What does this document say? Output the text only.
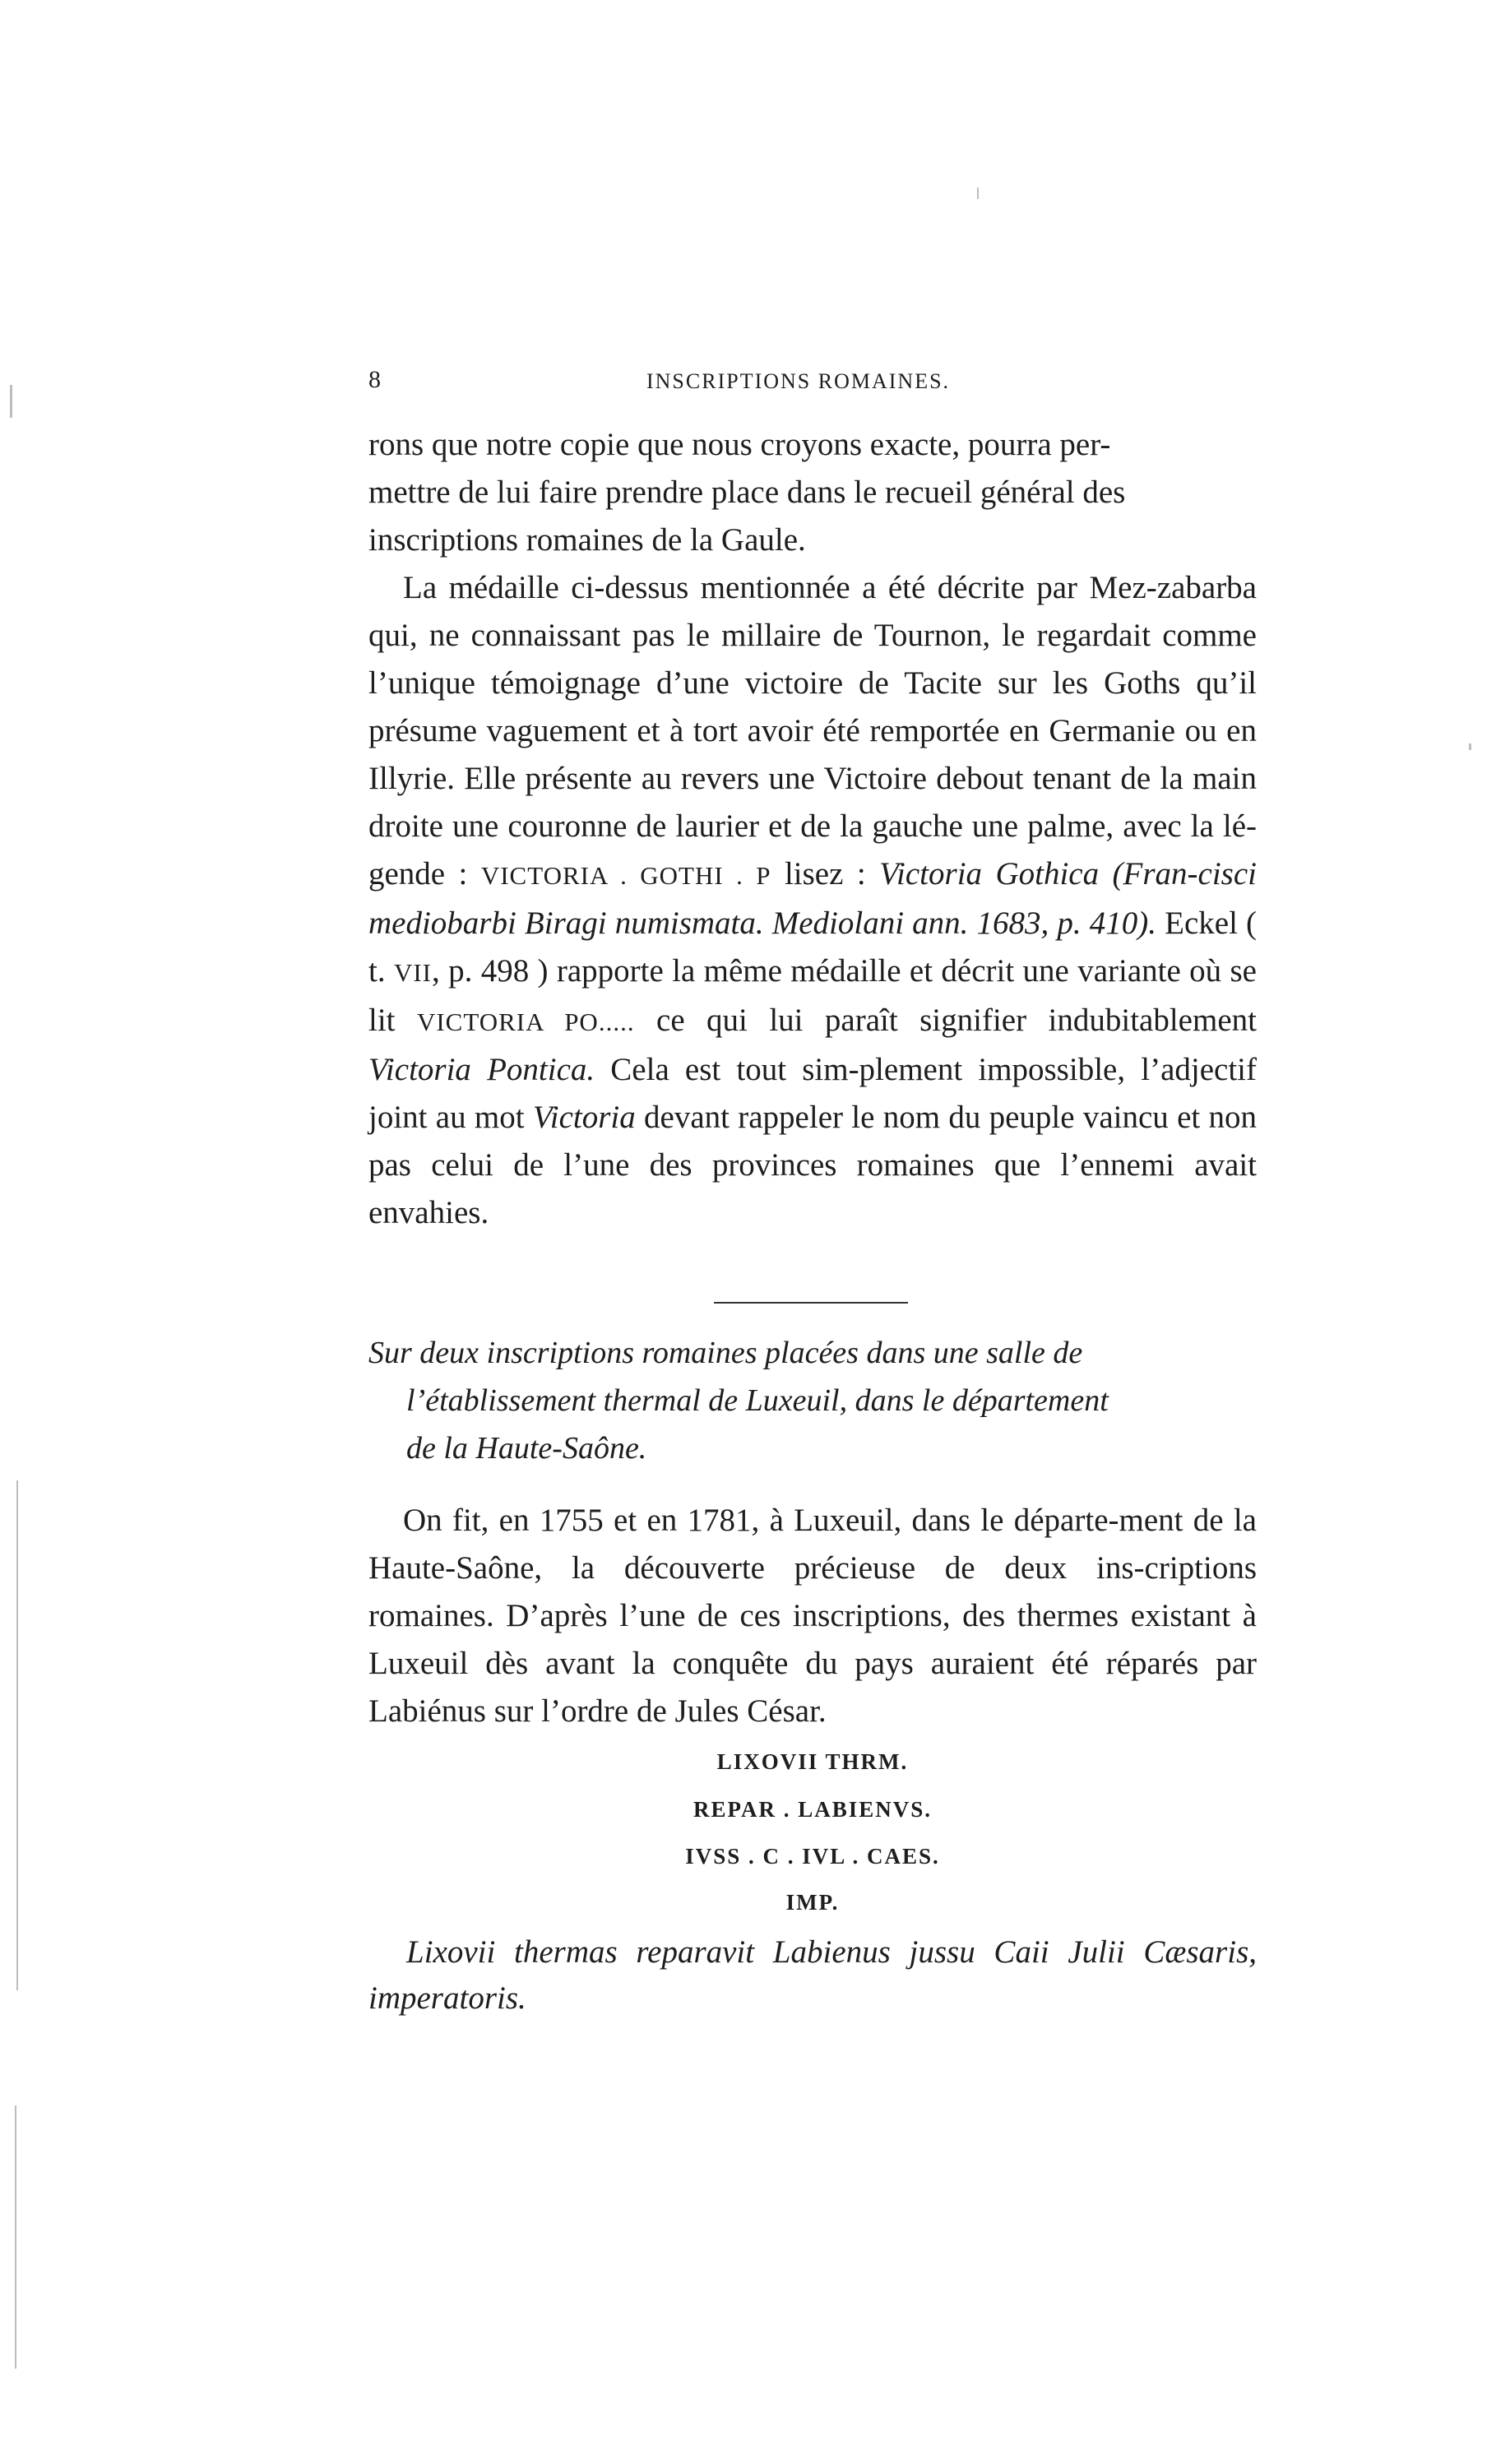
8	INSCRIPTIONS ROMAINES.

rons que notre copie que nous croyons exacte, pourra per-

mettre de lui faire prendre place dans le recueil général des

inscriptions romaines de la Gaule.

La médaille ci-dessus mentionnée a été décrite par Mez-zabarba qui, ne connaissant pas le millaire de Tournon, le regardait comme l’unique témoignage d’une victoire de Tacite sur les Goths qu’il présume vaguement et à tort avoir été remportée en Germanie ou en Illyrie. Elle présente au revers une Victoire debout tenant de la main droite une couronne de laurier et de la gauche une palme, avec la lé-gende : VICTORIA . GOTHI . P lisez : Victoria Gothica (Fran-cisci mediobarbi Biragi numismata. Mediolani ann. 1683, p. 410). Eckel ( t. VII, p. 498 ) rapporte la même médaille et décrit une variante où se lit VICTORIA PO..... ce qui lui paraît signifier indubitablement Victoria Pontica. Cela est tout sim-plement impossible, l’adjectif joint au mot Victoria devant rappeler le nom du peuple vaincu et non pas celui de l’une des provinces romaines que l’ennemi avait envahies.

Sur deux inscriptions romaines placées dans une salle de
l’établissement thermal de Luxeuil, dans le département
de la Haute-Saône.

On fit, en 1755 et en 1781, à Luxeuil, dans le départe-ment de la Haute-Saône, la découverte précieuse de deux ins-criptions romaines. D’après l’une de ces inscriptions, des thermes existant à Luxeuil dès avant la conquête du pays auraient été réparés par Labiénus sur l’ordre de Jules César.

LIXOVII THRM.
REPAR . LABIENVS.
IVSS . C . IVL . CAES.
IMP.

Lixovii thermas reparavit Labienus jussu Caii Julii Cæsaris, imperatoris.
